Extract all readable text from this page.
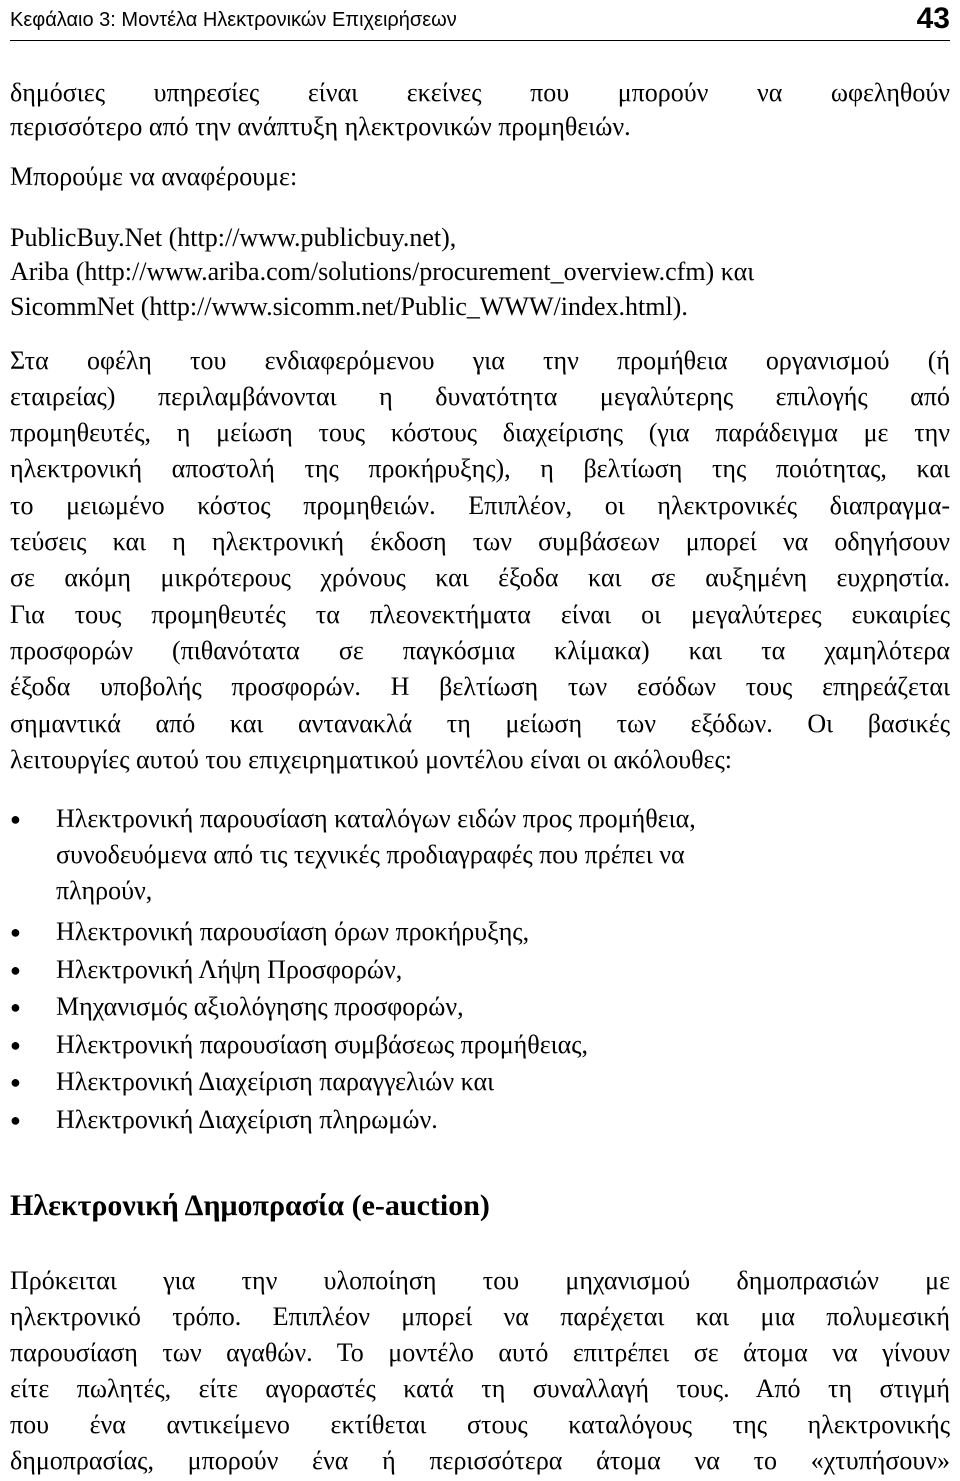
Κεφάλαιο 3: Μοντέλα Ηλεκτρονικών Επιχειρήσεων	43
δημόσιες υπηρεσίες είναι εκείνες που μπορούν να ωφεληθούν
περισσότερο από την ανάπτυξη ηλεκτρονικών προμηθειών.
Μπορούμε να αναφέρουμε:
PublicBuy.Net (http://www.publicbuy.net),
Ariba (http://www.ariba.com/solutions/procurement_overview.cfm) και
SicommNet (http://www.sicomm.net/Public_WWW/index.html).
Στα οφέλη του ενδιαφερόμενου για την προμήθεια οργανισμού (ή
εταιρείας) περιλαμβάνονται η δυνατότητα μεγαλύτερης επιλογής από
προμηθευτές, η μείωση τους κόστους διαχείρισης (για παράδειγμα με την
ηλεκτρονική αποστολή της προκήρυξης), η βελτίωση της ποιότητας, και
το μειωμένο κόστος προμηθειών. Επιπλέον, οι ηλεκτρονικές διαπραγμα-
τεύσεις και η ηλεκτρονική έκδοση των συμβάσεων μπορεί να οδηγήσουν
σε ακόμη μικρότερους χρόνους και έξοδα και σε αυξημένη ευχρηστία.
Για τους προμηθευτές τα πλεονεκτήματα είναι οι μεγαλύτερες ευκαιρίες
προσφορών (πιθανότατα σε παγκόσμια κλίμακα) και τα χαμηλότερα
έξοδα υποβολής προσφορών. Η βελτίωση των εσόδων τους επηρεάζεται
σημαντικά από και αντανακλά τη μείωση των εξόδων. Οι βασικές
λειτουργίες αυτού του επιχειρηματικού μοντέλου είναι οι ακόλουθες:
● Ηλεκτρονική παρουσίαση καταλόγων ειδών προς προμήθεια,
συνοδευόμενα από τις τεχνικές προδιαγραφές που πρέπει να
πληρούν,
● Ηλεκτρονική παρουσίαση όρων προκήρυξης,
● Ηλεκτρονική Λήψη Προσφορών,
● Μηχανισμός αξιολόγησης προσφορών,
● Ηλεκτρονική παρουσίαση συμβάσεως προμήθειας,
● Ηλεκτρονική Διαχείριση παραγγελιών και
● Ηλεκτρονική Διαχείριση πληρωμών.
Ηλεκτρονική Δημοπρασία (e-auction)
Πρόκειται για την υλοποίηση του μηχανισμού δημοπρασιών με
ηλεκτρονικό τρόπο. Επιπλέον μπορεί να παρέχεται και μια πολυμεσική
παρουσίαση των αγαθών. Το μοντέλο αυτό επιτρέπει σε άτομα να γίνουν
είτε πωλητές, είτε αγοραστές κατά τη συναλλαγή τους. Από τη στιγμή
που ένα αντικείμενο εκτίθεται στους καταλόγους της ηλεκτρονικής
δημοπρασίας, μπορούν ένα ή περισσότερα άτομα να το «χτυπήσουν»
